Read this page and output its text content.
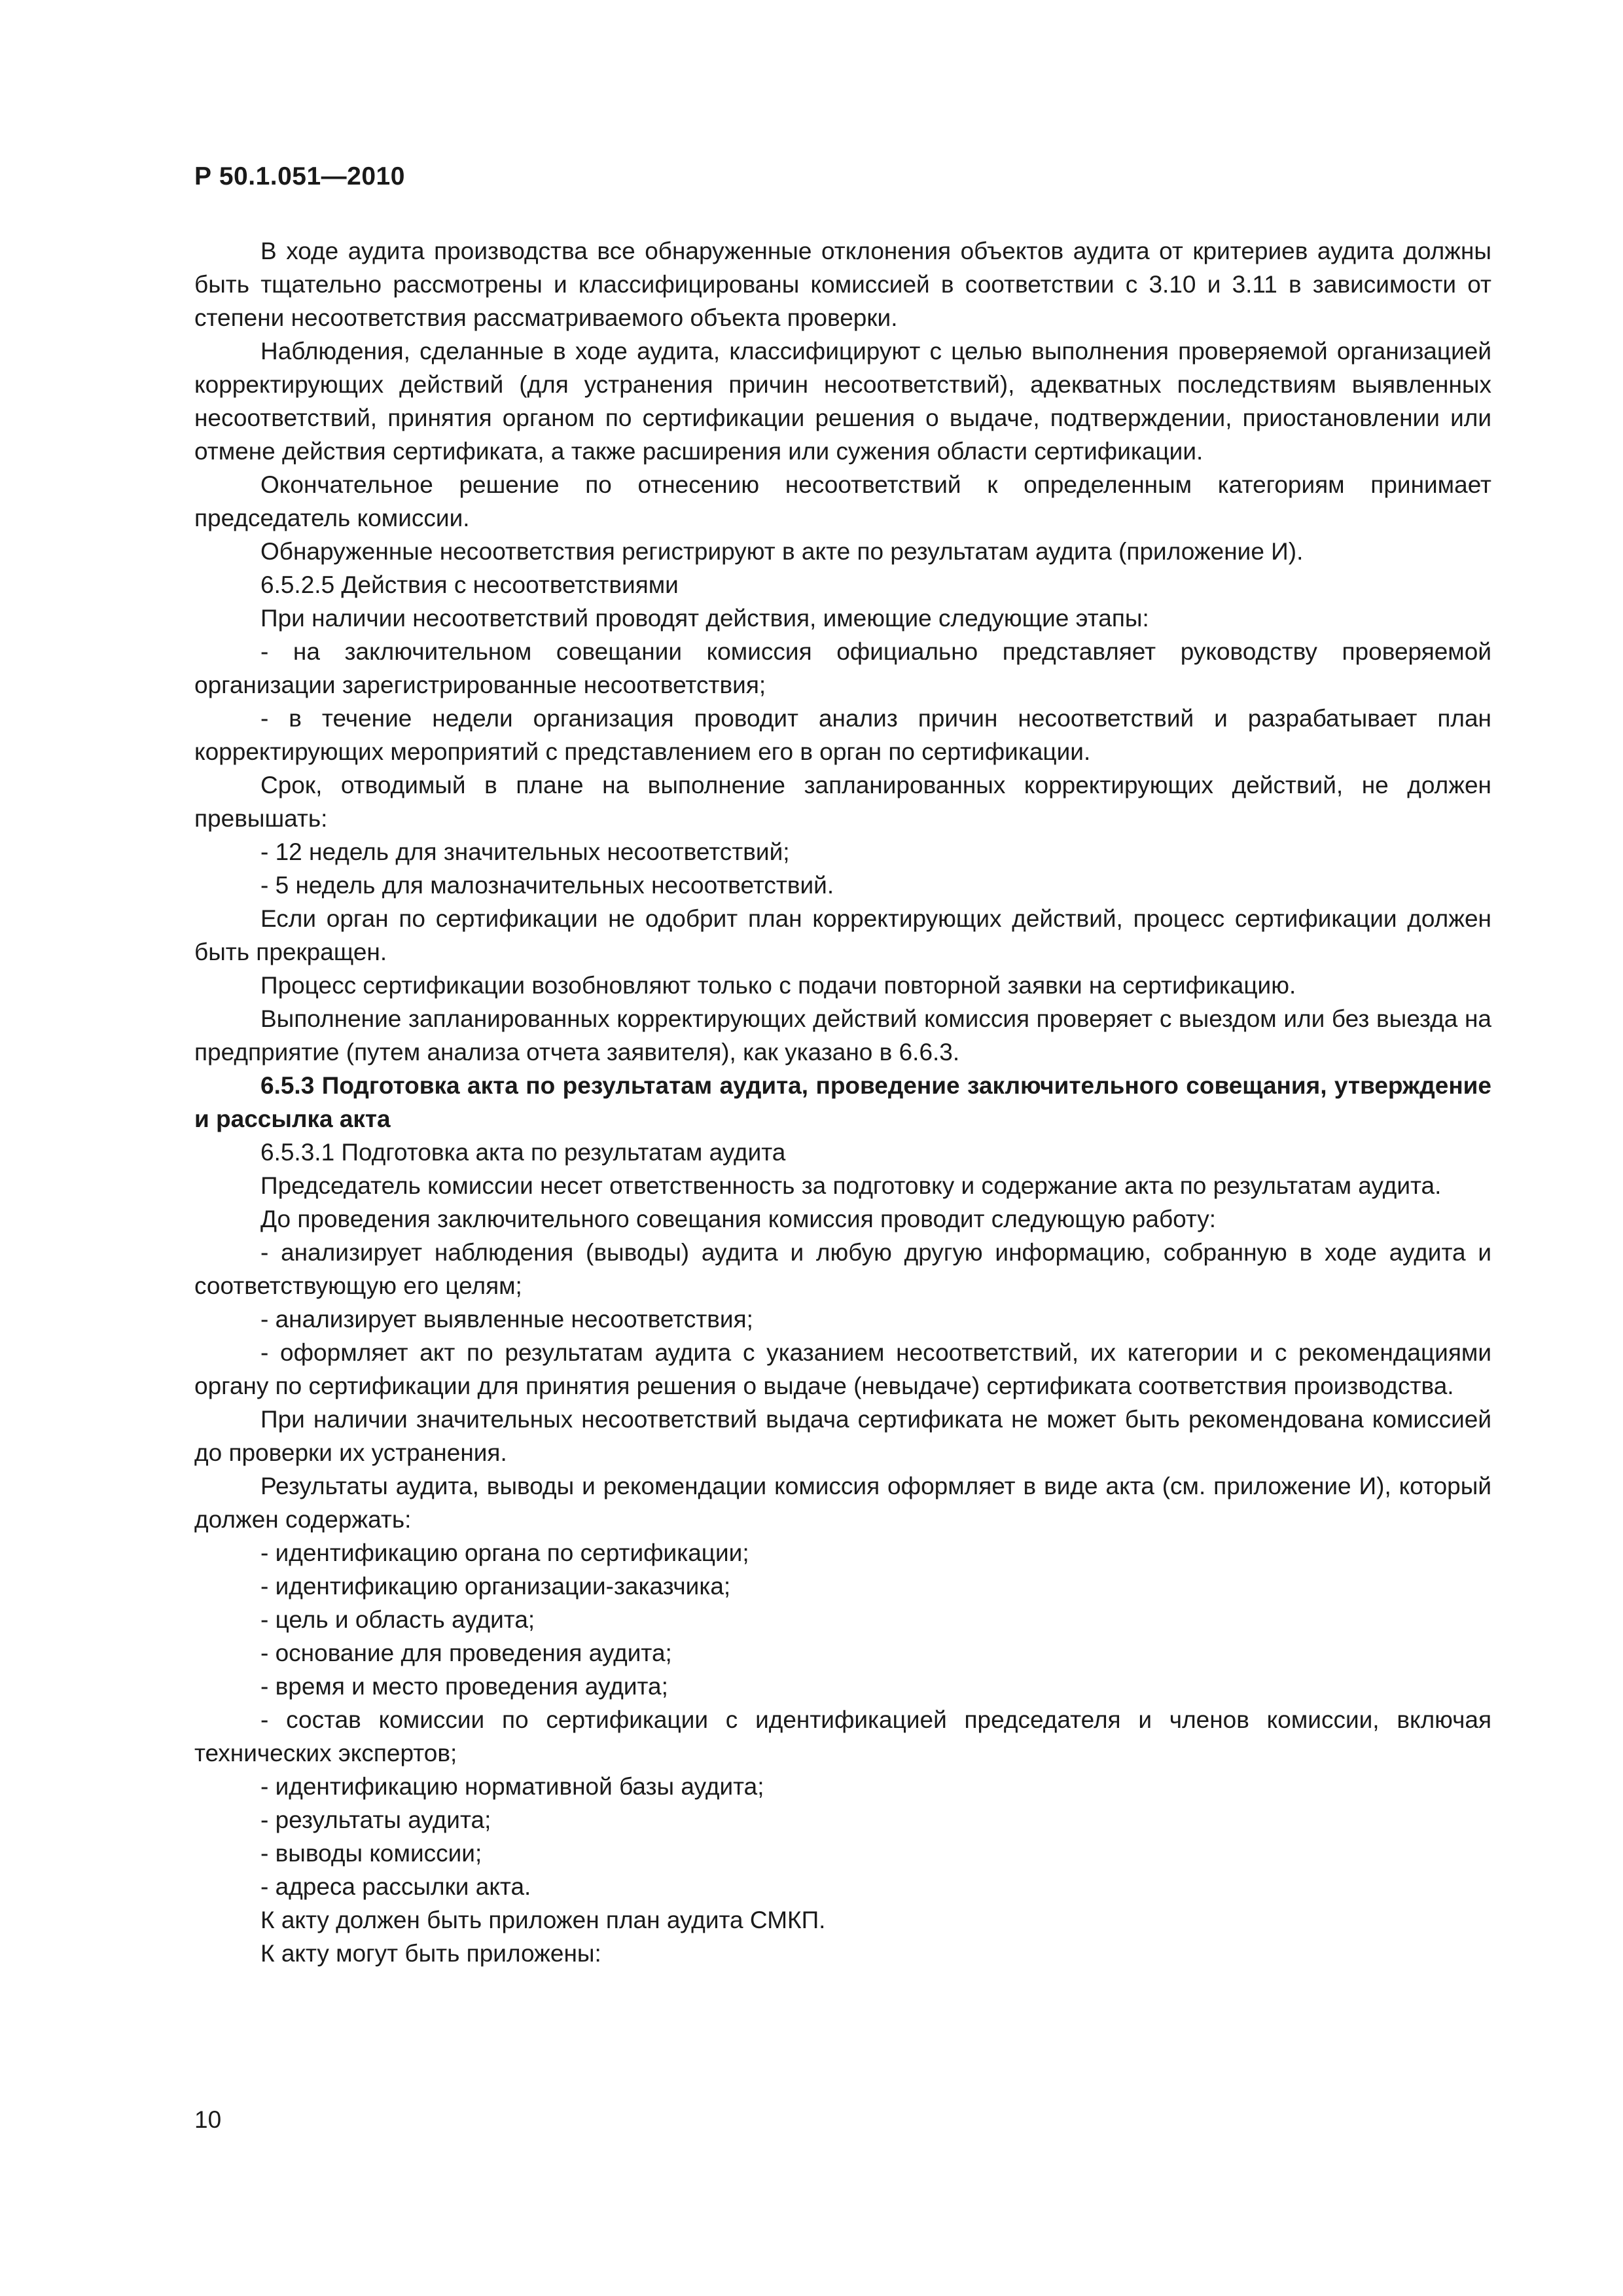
Р 50.1.051—2010

В ходе аудита производства все обнаруженные отклонения объектов аудита от критериев аудита должны быть тщательно рассмотрены и классифицированы комиссией в соответствии с 3.10 и 3.11 в зависимости от степени несоответствия рассматриваемого объекта проверки.

Наблюдения, сделанные в ходе аудита, классифицируют с целью выполнения проверяемой организацией корректирующих действий (для устранения причин несоответствий), адекватных последствиям выявленных несоответствий, принятия органом по сертификации решения о выдаче, подтверждении, приостановлении или отмене действия сертификата, а также расширения или сужения области сертификации.

Окончательное решение по отнесению несоответствий к определенным категориям принимает председатель комиссии.

Обнаруженные несоответствия регистрируют в акте по результатам аудита (приложение И).

6.5.2.5 Действия с несоответствиями

При наличии несоответствий проводят действия, имеющие следующие этапы:

- на заключительном совещании комиссия официально представляет руководству проверяемой организации зарегистрированные несоответствия;

- в течение недели организация проводит анализ причин несоответствий и разрабатывает план корректирующих мероприятий с представлением его в орган по сертификации.

Срок, отводимый в плане на выполнение запланированных корректирующих действий, не должен превышать:

- 12 недель для значительных несоответствий;

- 5 недель для малозначительных несоответствий.

Если орган по сертификации не одобрит план корректирующих действий, процесс сертификации должен быть прекращен.

Процесс сертификации возобновляют только с подачи повторной заявки на сертификацию.

Выполнение запланированных корректирующих действий комиссия проверяет с выездом или без выезда на предприятие (путем анализа отчета заявителя), как указано в 6.6.3.

6.5.3 Подготовка акта по результатам аудита, проведение заключительного совещания, утверждение и рассылка акта

6.5.3.1 Подготовка акта по результатам аудита

Председатель комиссии несет ответственность за подготовку и содержание акта по результатам аудита.

До проведения заключительного совещания комиссия проводит следующую работу:

- анализирует наблюдения (выводы) аудита и любую другую информацию, собранную в ходе аудита и соответствующую его целям;

- анализирует выявленные несоответствия;

- оформляет акт по результатам аудита с указанием несоответствий, их категории и с рекомендациями органу по сертификации для принятия решения о выдаче (невыдаче) сертификата соответствия производства.

При наличии значительных несоответствий выдача сертификата не может быть рекомендована комиссией до проверки их устранения.

Результаты аудита, выводы и рекомендации комиссия оформляет в виде акта (см. приложение И), который должен содержать:

- идентификацию органа по сертификации;

- идентификацию организации-заказчика;

- цель и область аудита;

- основание для проведения аудита;

- время и место проведения аудита;

- состав комиссии по сертификации с идентификацией председателя и членов комиссии, включая технических экспертов;

- идентификацию нормативной базы аудита;

- результаты аудита;

- выводы комиссии;

- адреса рассылки акта.

К акту должен быть приложен план аудита СМКП.

К акту могут быть приложены:

10
